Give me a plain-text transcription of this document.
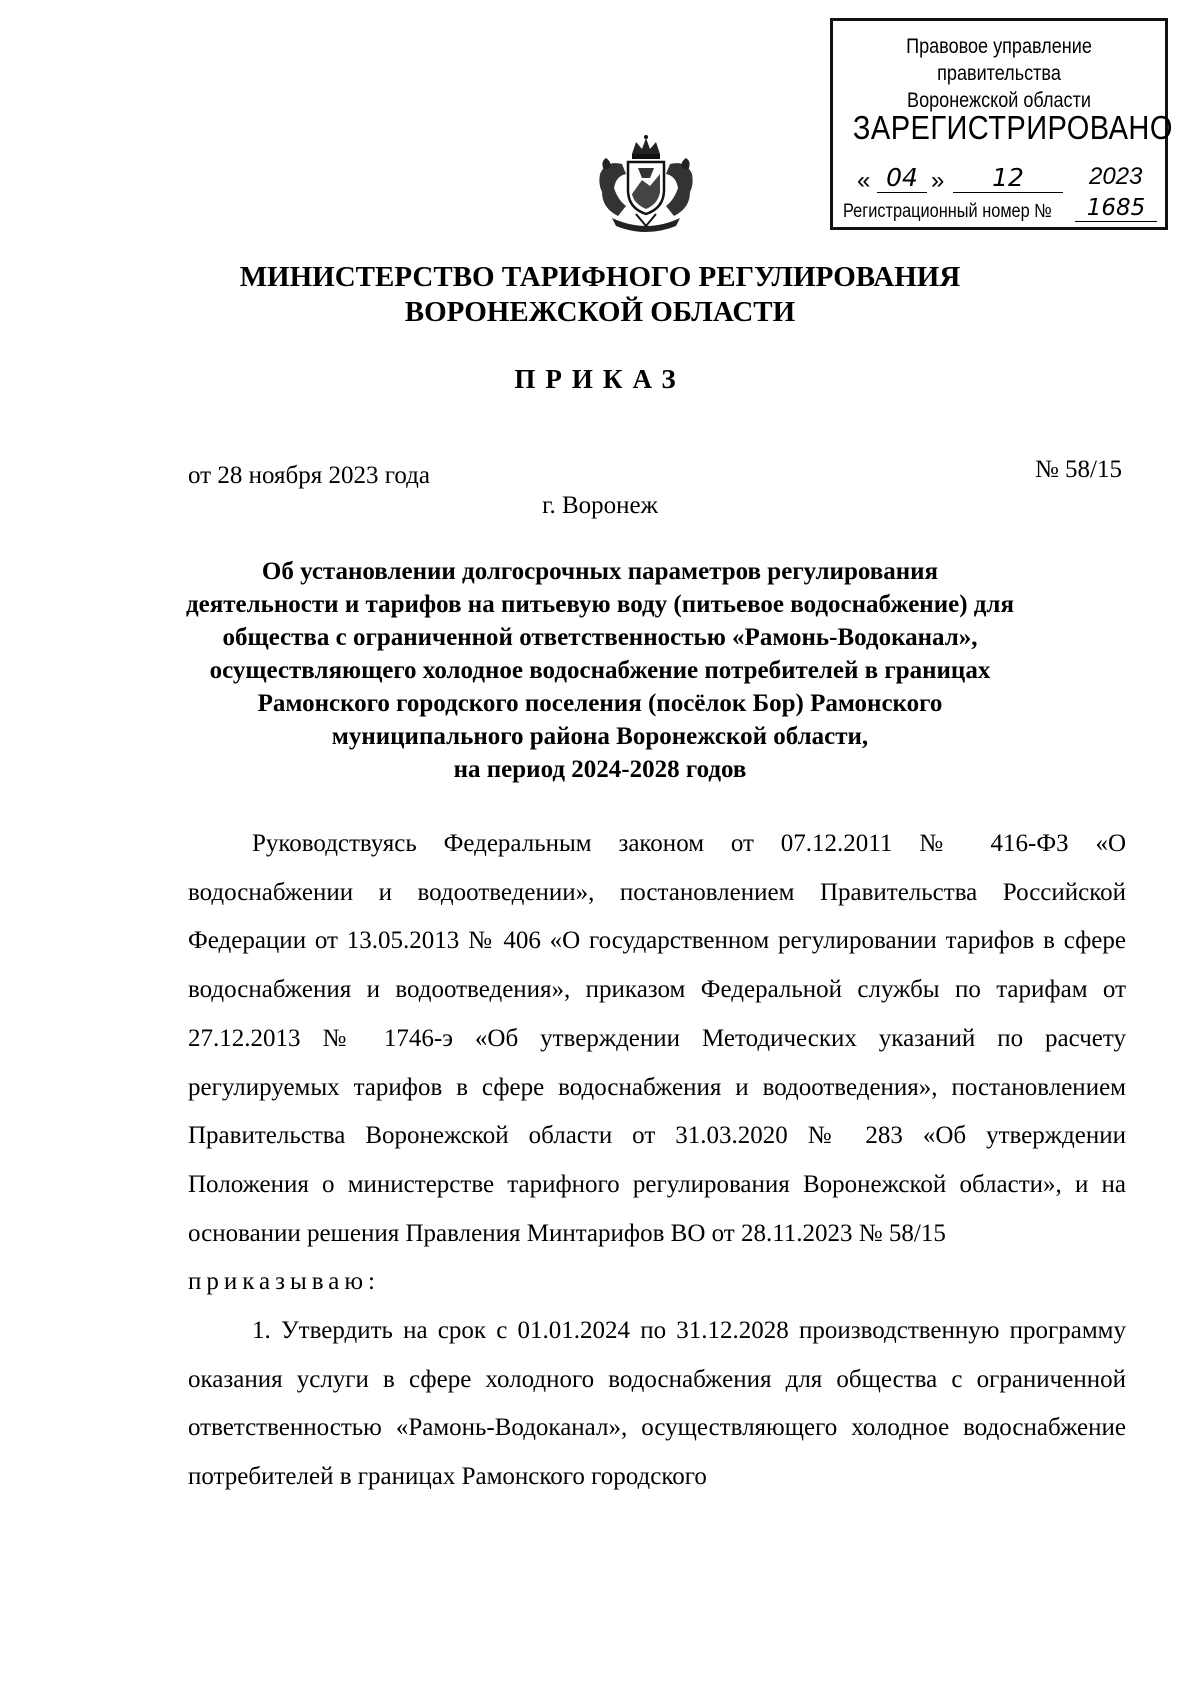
Правовое управление правительства
Воронежской области
ЗАРЕГИСТРИРОВАНО
« 04 »	12	2023
Регистрационный номер №	1685
МИНИСТЕРСТВО ТАРИФНОГО РЕГУЛИРОВАНИЯ
ВОРОНЕЖСКОЙ ОБЛАСТИ
ПРИКАЗ
от 28 ноября 2023 года	№ 58/15
г. Воронеж
Об установлении долгосрочных параметров регулирования
деятельности и тарифов на питьевую воду (питьевое водоснабжение) для
общества с ограниченной ответственностью «Рамонь-Водоканал»,
осуществляющего холодное водоснабжение потребителей в границах
Рамонского городского поселения (посёлок Бор) Рамонского
муниципального района Воронежской области,
на период 2024-2028 годов

Руководствуясь Федеральным законом от 07.12.2011 № 416-ФЗ «О водоснабжении и водоотведении», постановлением Правительства Российской Федерации от 13.05.2013 № 406 «О государственном регулировании тарифов в сфере водоснабжения и водоотведения», приказом Федеральной службы по тарифам от 27.12.2013 № 1746-э «Об утверждении Методических указаний по расчету регулируемых тарифов в сфере водоснабжения и водоотведения», постановлением Правительства Воронежской области от 31.03.2020 № 283 «Об утверждении Положения о министерстве тарифного регулирования Воронежской области», и на основании решения Правления Минтарифов ВО от 28.11.2023 № 58/15

приказываю:

1. Утвердить на срок с 01.01.2024 по 31.12.2028 производственную программу оказания услуги в сфере холодного водоснабжения для общества с ограниченной ответственностью «Рамонь-Водоканал», осуществляющего холодное водоснабжение потребителей в границах Рамонского городского
